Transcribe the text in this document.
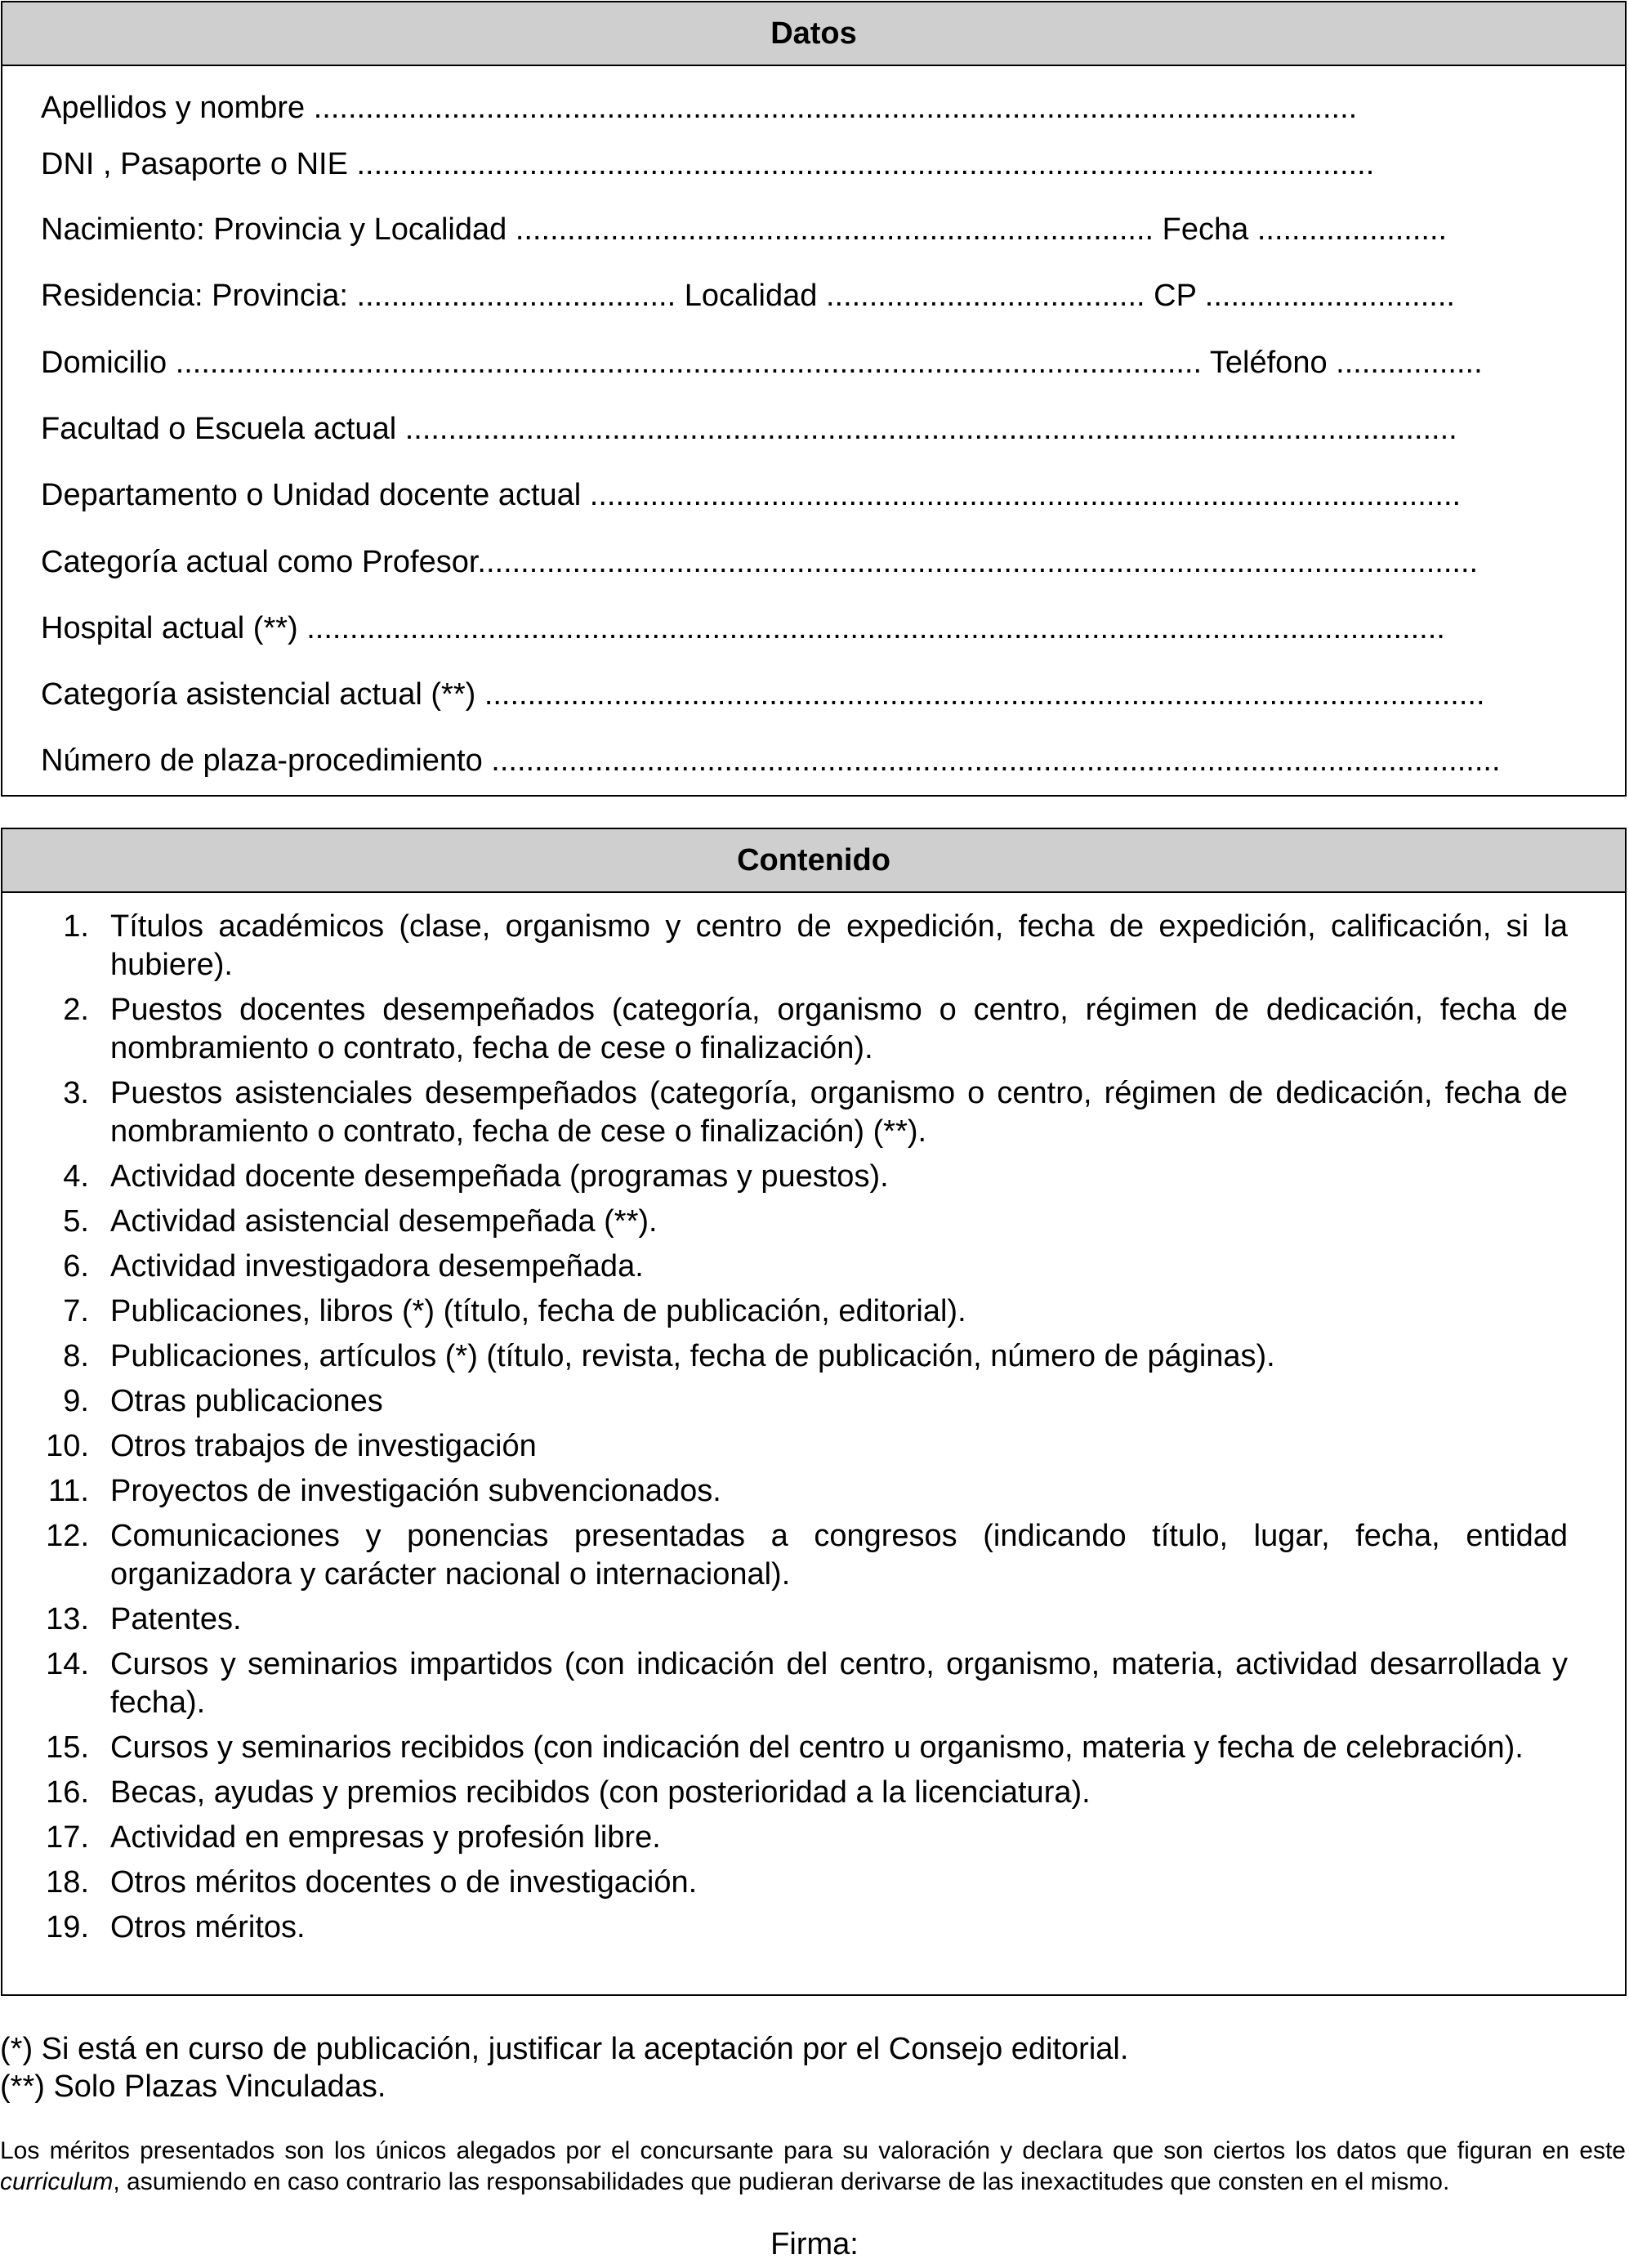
Datos
Apellidos y nombre .........................................................................................................................
DNI , Pasaporte o NIE ......................................................................................................................
Nacimiento: Provincia y Localidad .......................................................................... Fecha ......................
Residencia: Provincia: ..................................... Localidad ..................................... CP .............................
Domicilio ....................................................................................................................... Teléfono .................
Facultad o Escuela actual ..........................................................................................................................
Departamento o Unidad docente actual .....................................................................................................
Categoría actual como Profesor....................................................................................................................
Hospital actual (**) ....................................................................................................................................
Categoría asistencial actual (**) ....................................................................................................................
Número de plaza-procedimiento .....................................................................................................................
Contenido
1. Títulos académicos (clase, organismo y centro de expedición, fecha de expedición, calificación, si la hubiere).
2. Puestos docentes desempeñados (categoría, organismo o centro, régimen de dedicación, fecha de nombramiento o contrato, fecha de cese o finalización).
3. Puestos asistenciales desempeñados (categoría, organismo o centro, régimen de dedicación, fecha de nombramiento o contrato, fecha de cese o finalización) (**).
4. Actividad docente desempeñada (programas y puestos).
5. Actividad asistencial desempeñada (**).
6. Actividad investigadora desempeñada.
7. Publicaciones, libros (*) (título, fecha de publicación, editorial).
8. Publicaciones, artículos (*) (título, revista, fecha de publicación, número de páginas).
9. Otras publicaciones
10. Otros trabajos de investigación
11. Proyectos de investigación subvencionados.
12. Comunicaciones y ponencias presentadas a congresos (indicando título, lugar, fecha, entidad organizadora y carácter nacional o internacional).
13. Patentes.
14. Cursos y seminarios impartidos (con indicación del centro, organismo, materia, actividad desarrollada y fecha).
15. Cursos y seminarios recibidos (con indicación del centro u organismo, materia y fecha de celebración).
16. Becas, ayudas y premios recibidos (con posterioridad a la licenciatura).
17. Actividad en empresas y profesión libre.
18. Otros méritos docentes o de investigación.
19. Otros méritos.
(*) Si está en curso de publicación, justificar la aceptación por el Consejo editorial.
(**) Solo Plazas Vinculadas.
Los méritos presentados son los únicos alegados por el concursante para su valoración y declara que son ciertos los datos que figuran en este curriculum, asumiendo en caso contrario las responsabilidades que pudieran derivarse de las inexactitudes que consten en el mismo.
Firma:
